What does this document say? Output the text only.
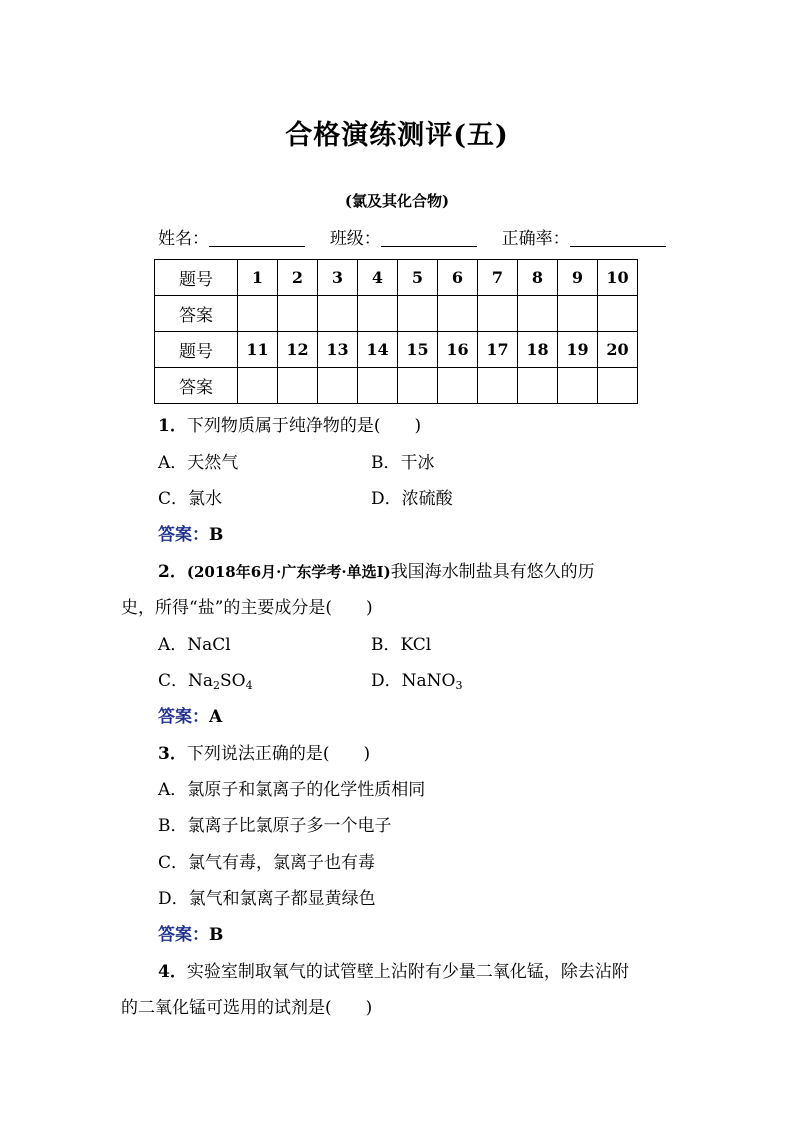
合格演练测评(五)
(氯及其化合物)
姓名：	班级：	正确率：
题号	1	2	3	4	5	6	7	8	9	10
答案										
题号	11	12	13	14	15	16	17	18	19	20
答案										
1．下列物质属于纯净物的是(　　)
A．天然气	B．干冰
C．氯水	D．浓硫酸
答案：B
2．(2018年6月·广东学考·单选Ⅰ)我国海水制盐具有悠久的历
史，所得“盐”的主要成分是(　　)
A．NaCl	B．KCl
C．$Na_2SO_4$	D．NaNO$_3$
答案：A
3．下列说法正确的是(　　)
A．氯原子和氯离子的化学性质相同
B．氯离子比氯原子多一个电子
C．氯气有毒，氯离子也有毒
D．氯气和氯离子都显黄绿色
答案：B
4．实验室制取氧气的试管壁上沾附有少量二氧化锰，除去沾附
的二氧化锰可选用的试剂是(　　)
